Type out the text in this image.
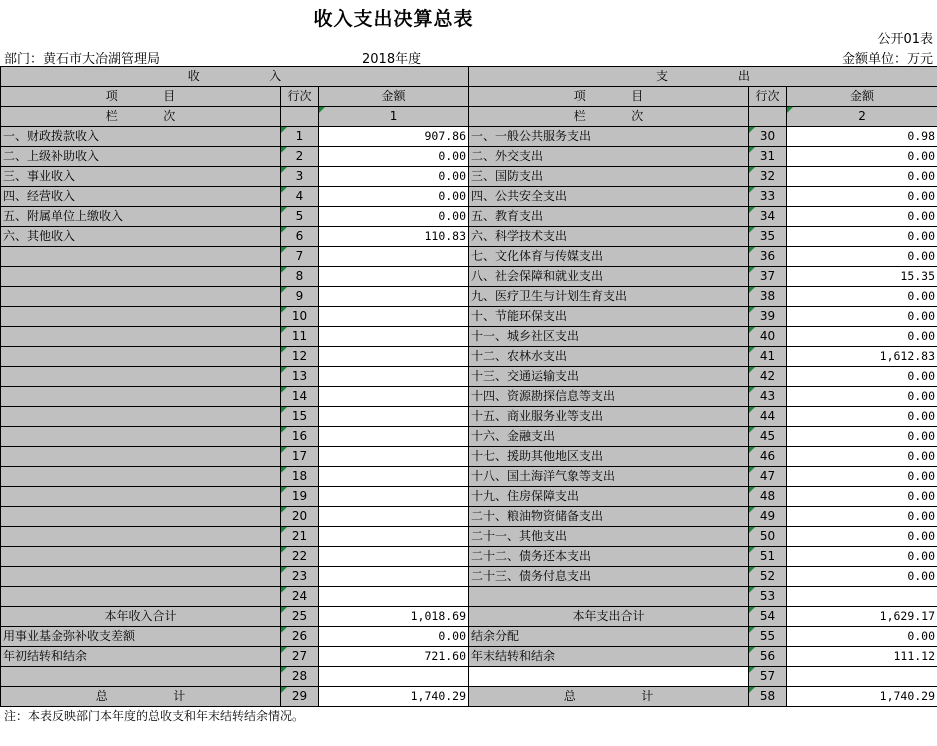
收入支出决算总表
公开01表
部门：黄石市大冶湖管理局	2018年度	金额单位：万元
收 入			支 出		

项 目	行次	金额	项 目	行次	金额

栏 次		1	栏 次		2
一、财政拨款收入	1	907.86	一、一般公共服务支出	30	0.98
二、上级补助收入	2	0.00	二、外交支出	31	0.00
三、事业收入	3	0.00	三、国防支出	32	0.00
四、经营收入	4	0.00	四、公共安全支出	33	0.00
五、附属单位上缴收入	5	0.00	五、教育支出	34	0.00
六、其他收入	6	110.83	六、科学技术支出	35	0.00
	7		七、文化体育与传媒支出	36	0.00
	8		八、社会保障和就业支出	37	15.35
	9		九、医疗卫生与计划生育支出	38	0.00
	10		十、节能环保支出	39	0.00
	11		十一、城乡社区支出	40	0.00
	12		十二、农林水支出	41	1,612.83
	13		十三、交通运输支出	42	0.00
	14		十四、资源勘探信息等支出	43	0.00
	15		十五、商业服务业等支出	44	0.00
	16		十六、金融支出	45	0.00
	17		十七、援助其他地区支出	46	0.00
	18		十八、国土海洋气象等支出	47	0.00
	19		十九、住房保障支出	48	0.00
	20		二十、粮油物资储备支出	49	0.00
	21		二十一、其他支出	50	0.00
	22		二十二、债务还本支出	51	0.00
	23		二十三、债务付息支出	52	0.00
	24			53	
本年收入合计	25	1,018.69	本年支出合计	54	1,629.17
用事业基金弥补收支差额	26	0.00	结余分配	55	0.00
年初结转和结余	27	721.60	年末结转和结余	56	111.12
	28			57	

总 计	29	1,740.29	总 计	58	1,740.29
注：本表反映部门本年度的总收支和年末结转结余情况。
